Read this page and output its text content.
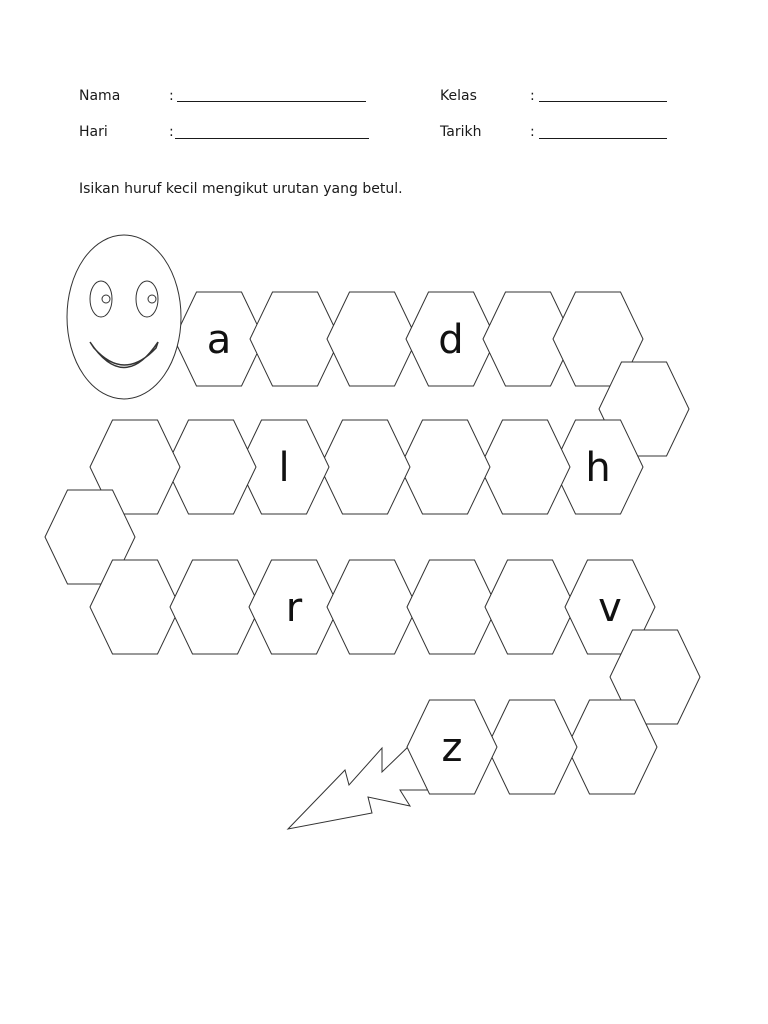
Nama	:	Kelas	:
Hari	:	Tarikh	:
Isikan huruf kecil mengikut urutan yang betul.
a	d
h
l
r	v
z
